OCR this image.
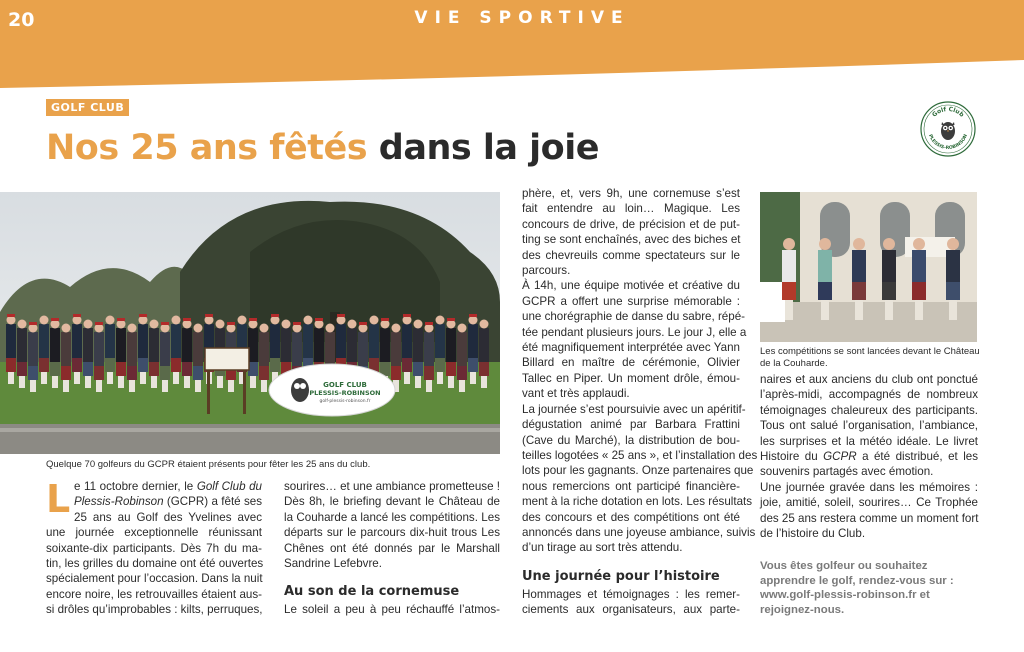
20	VIE SPORTIVE
GOLF CLUB
Nos 25 ans fêtés dans la joie
Golf Club
PLESSIS-ROBINSON
GOLF CLUB
PLESSIS-ROBINSON
golf-plessis-robinson.fr
Quelque 70 golfeurs du GCPR étaient présents pour fêter les 25 ans du club.
Les compétitions se sont lancées devant le Château de la Couharde.
L e 11 octobre dernier, le Golf Club du
Plessis-Robinson (GCPR) a fêté ses
25 ans au Golf des Yvelines avec
une journée exceptionnelle réunissant
soixante-dix participants. Dès 7h du ma-
tin, les grilles du domaine ont été ouvertes
spécialement pour l’occasion. Dans la nuit
encore noire, les retrouvailles étaient aus-
si drôles qu’improbables : kilts, perruques,
sourires… et une ambiance prometteuse !
Dès 8h, le briefing devant le Château de
la Couharde a lancé les compétitions. Les
départs sur le parcours dix-huit trous Les
Chênes ont été donnés par le Marshall
Sandrine Lefebvre.
Au son de la cornemuse
Le soleil a peu à peu réchauffé l’atmos-
phère, et, vers 9h, une cornemuse s’est
fait entendre au loin… Magique. Les
concours de drive, de précision et de put-
ting se sont enchaînés, avec des biches et
des chevreuils comme spectateurs sur le
parcours.
À 14h, une équipe motivée et créative du
GCPR a offert une surprise mémorable :
une chorégraphie de danse du sabre, répé-
tée pendant plusieurs jours. Le jour J, elle a
été magnifiquement interprétée avec Yann
Billard en maître de cérémonie, Olivier
Tallec en Piper. Un moment drôle, émou-
vant et très applaudi.
La journée s’est poursuivie avec un apéritif-
dégustation animé par Barbara Frattini
(Cave du Marché), la distribution de bou-
teilles logotées « 25 ans », et l’installation des
lots pour les gagnants. Onze partenaires que
nous remercions ont participé financière-
ment à la riche dotation en lots. Les résultats
des concours et des compétitions ont été
annoncés dans une joyeuse ambiance, suivis
d’un tirage au sort très attendu.
Une journée pour l’histoire
Hommages et témoignages : les remer-
ciements aux organisateurs, aux parte-
naires et aux anciens du club ont ponctué
l’après-midi, accompagnés de nombreux
témoignages chaleureux des participants.
Tous ont salué l’organisation, l’ambiance,
les surprises et la météo idéale. Le livret
Histoire du GCPR a été distribué, et les
souvenirs partagés avec émotion.
Une journée gravée dans les mémoires :
joie, amitié, soleil, sourires… Ce Trophée
des 25 ans restera comme un moment fort
de l’histoire du Club.
Vous êtes golfeur ou souhaitez apprendre le golf, rendez-vous sur : www.golf-plessis-robinson.fr et rejoignez-nous.
